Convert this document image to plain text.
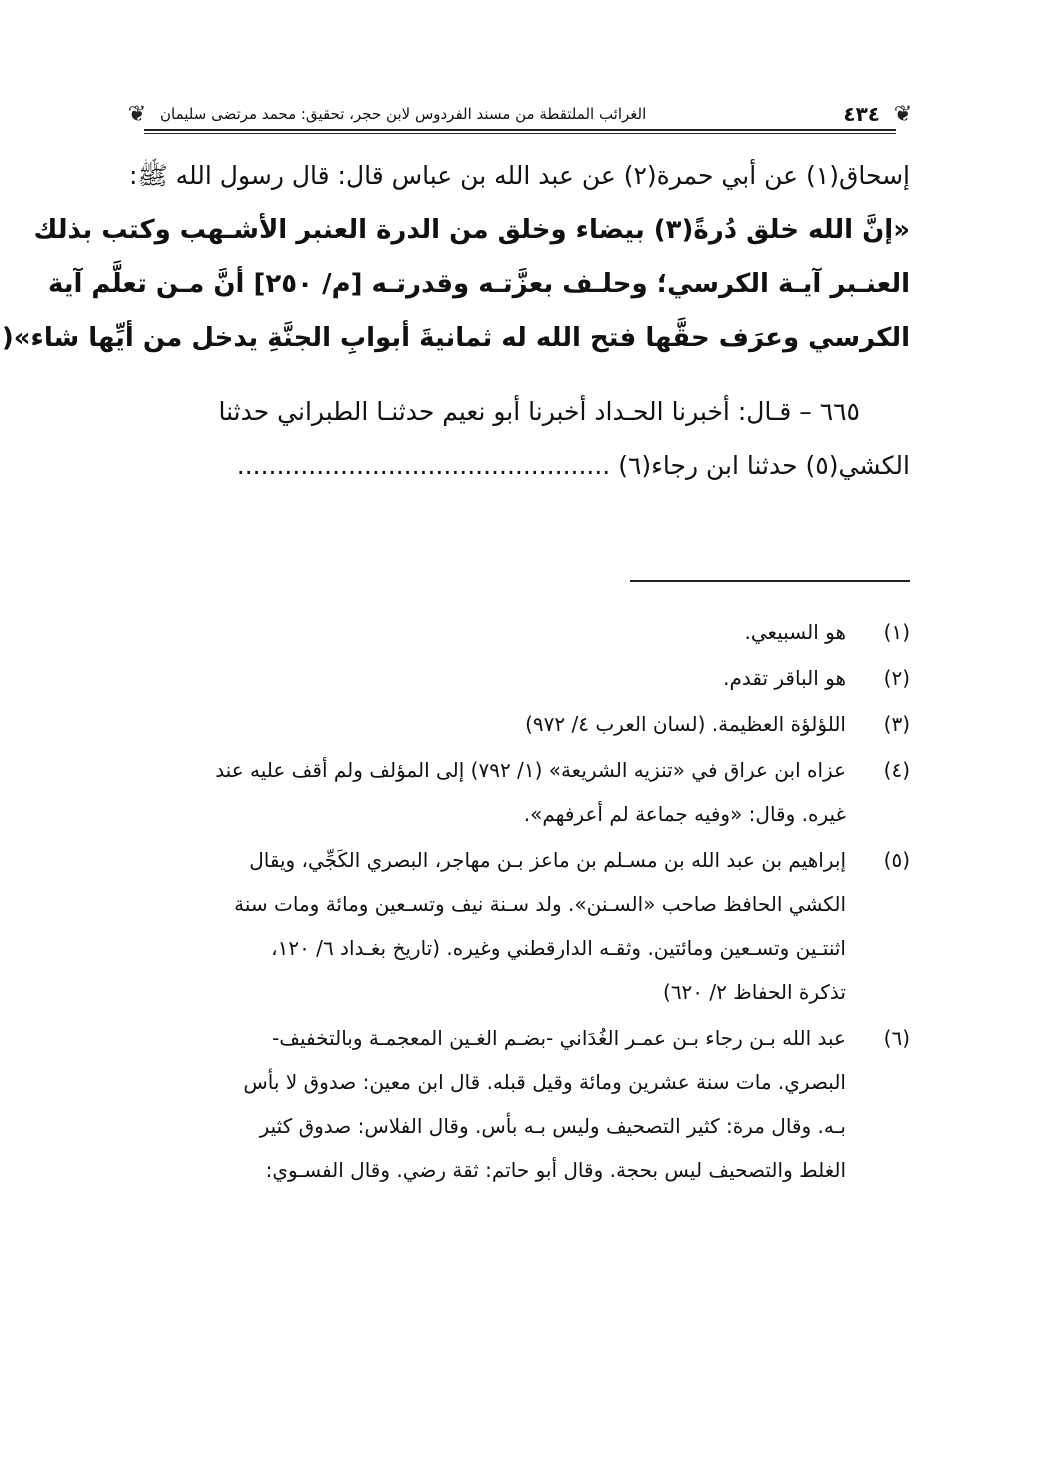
❦
٤٣٤
الغرائب الملتقطة من مسند الفردوس لابن حجر، تحقيق: محمد مرتضى سليمان
❦

إسحاق(١) عن أبي حمرة(٢) عن عبد الله بن عباس قال: قال رسول الله ﷺ:

«إنَّ الله خلق دُرةً(٣) بيضاء وخلق من الدرة العنبر الأشـهب وكتب بذلك

العنـبر آيـة الكرسي؛ وحلـف بعزَّتـه وقدرتـه [م/ ٢٥٠] أنَّ مـن تعلَّم آية

الكرسي وعرَف حقَّها فتح الله له ثمانيةَ أبوابِ الجنَّةِ يدخل من أيِّها شاء»(

٦٦٥ – قـال: أخبرنا الحـداد أخبرنا أبو نعيم حدثنـا الطبراني حدثنا

الكشي(٥) حدثنا ابن رجاء(٦) ...............................................

(١)
هو السبيعي.
(٢)
هو الباقر تقدم.
(٣)
اللؤلؤة العظيمة. (لسان العرب ٤/ ٩٧٢)
(٤)
عزاه ابن عراق في «تنزيه الشريعة» (١/ ٧٩٢) إلى المؤلف ولم أقف عليه عند
غيره. وقال: «وفيه جماعة لم أعرفهم».
(٥)
إبراهيم بن عبد الله بن مسـلم بن ماعز بـن مهاجر، البصري الكَجِّي، ويقال
الكشي الحافظ صاحب «السـنن». ولد سـنة نيف وتسـعين ومائة ومات سنة
اثنتـين وتسـعين ومائتين. وثقـه الدارقطني وغيره. (تاريخ بغـداد ٦/ ١٢٠،
تذكرة الحفاظ ٢/ ٦٢٠)
(٦)
عبد الله بـن رجاء بـن عمـر الغُدَاني -بضـم الغـين المعجمـة وبالتخفيف-
البصري. مات سنة عشرين ومائة وقيل قبله. قال ابن معين: صدوق لا بأس
بـه. وقال مرة: كثير التصحيف وليس بـه بأس. وقال الفلاس: صدوق كثير
الغلط والتصحيف ليس بحجة. وقال أبو حاتم: ثقة رضي. وقال الفسـوي:
